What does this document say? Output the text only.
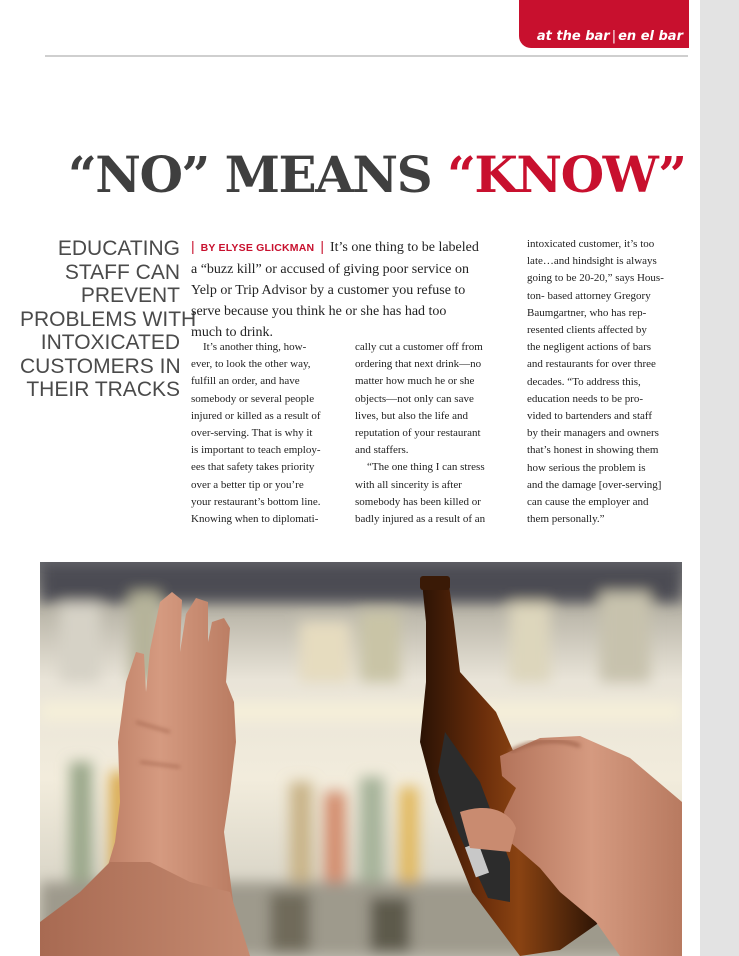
at the bar | en el bar
“NO” MEANS “KNOW”
EDUCATING
STAFF CAN
PREVENT
PROBLEMS WITH
INTOXICATED
CUSTOMERS IN
THEIR TRACKS
| BY ELYSE GLICKMAN | It’s one thing to be labeled
a “buzz kill” or accused of giving poor service on
Yelp or Trip Advisor by a customer you refuse to
serve because you think he or she has had too
much to drink.
It’s another thing, how-
ever, to look the other way,
fulfill an order, and have
somebody or several people
injured or killed as a result of
over-serving. That is why it
is important to teach employ-
ees that safety takes priority
over a better tip or you’re
your restaurant’s bottom line.
Knowing when to diplomati-
cally cut a customer off from
ordering that next drink—no
matter how much he or she
objects—not only can save
lives, but also the life and
reputation of your restaurant
and staffers.
“The one thing I can stress
with all sincerity is after
somebody has been killed or
badly injured as a result of an
intoxicated customer, it’s too
late…and hindsight is always
going to be 20-20,” says Hous-
ton- based attorney Gregory
Baumgartner, who has rep-
resented clients affected by
the negligent actions of bars
and restaurants for over three
decades. “To address this,
education needs to be pro-
vided to bartenders and staff
by their managers and owners
that’s honest in showing them
how serious the problem is
and the damage [over-serving]
can cause the employer and
them personally.”
